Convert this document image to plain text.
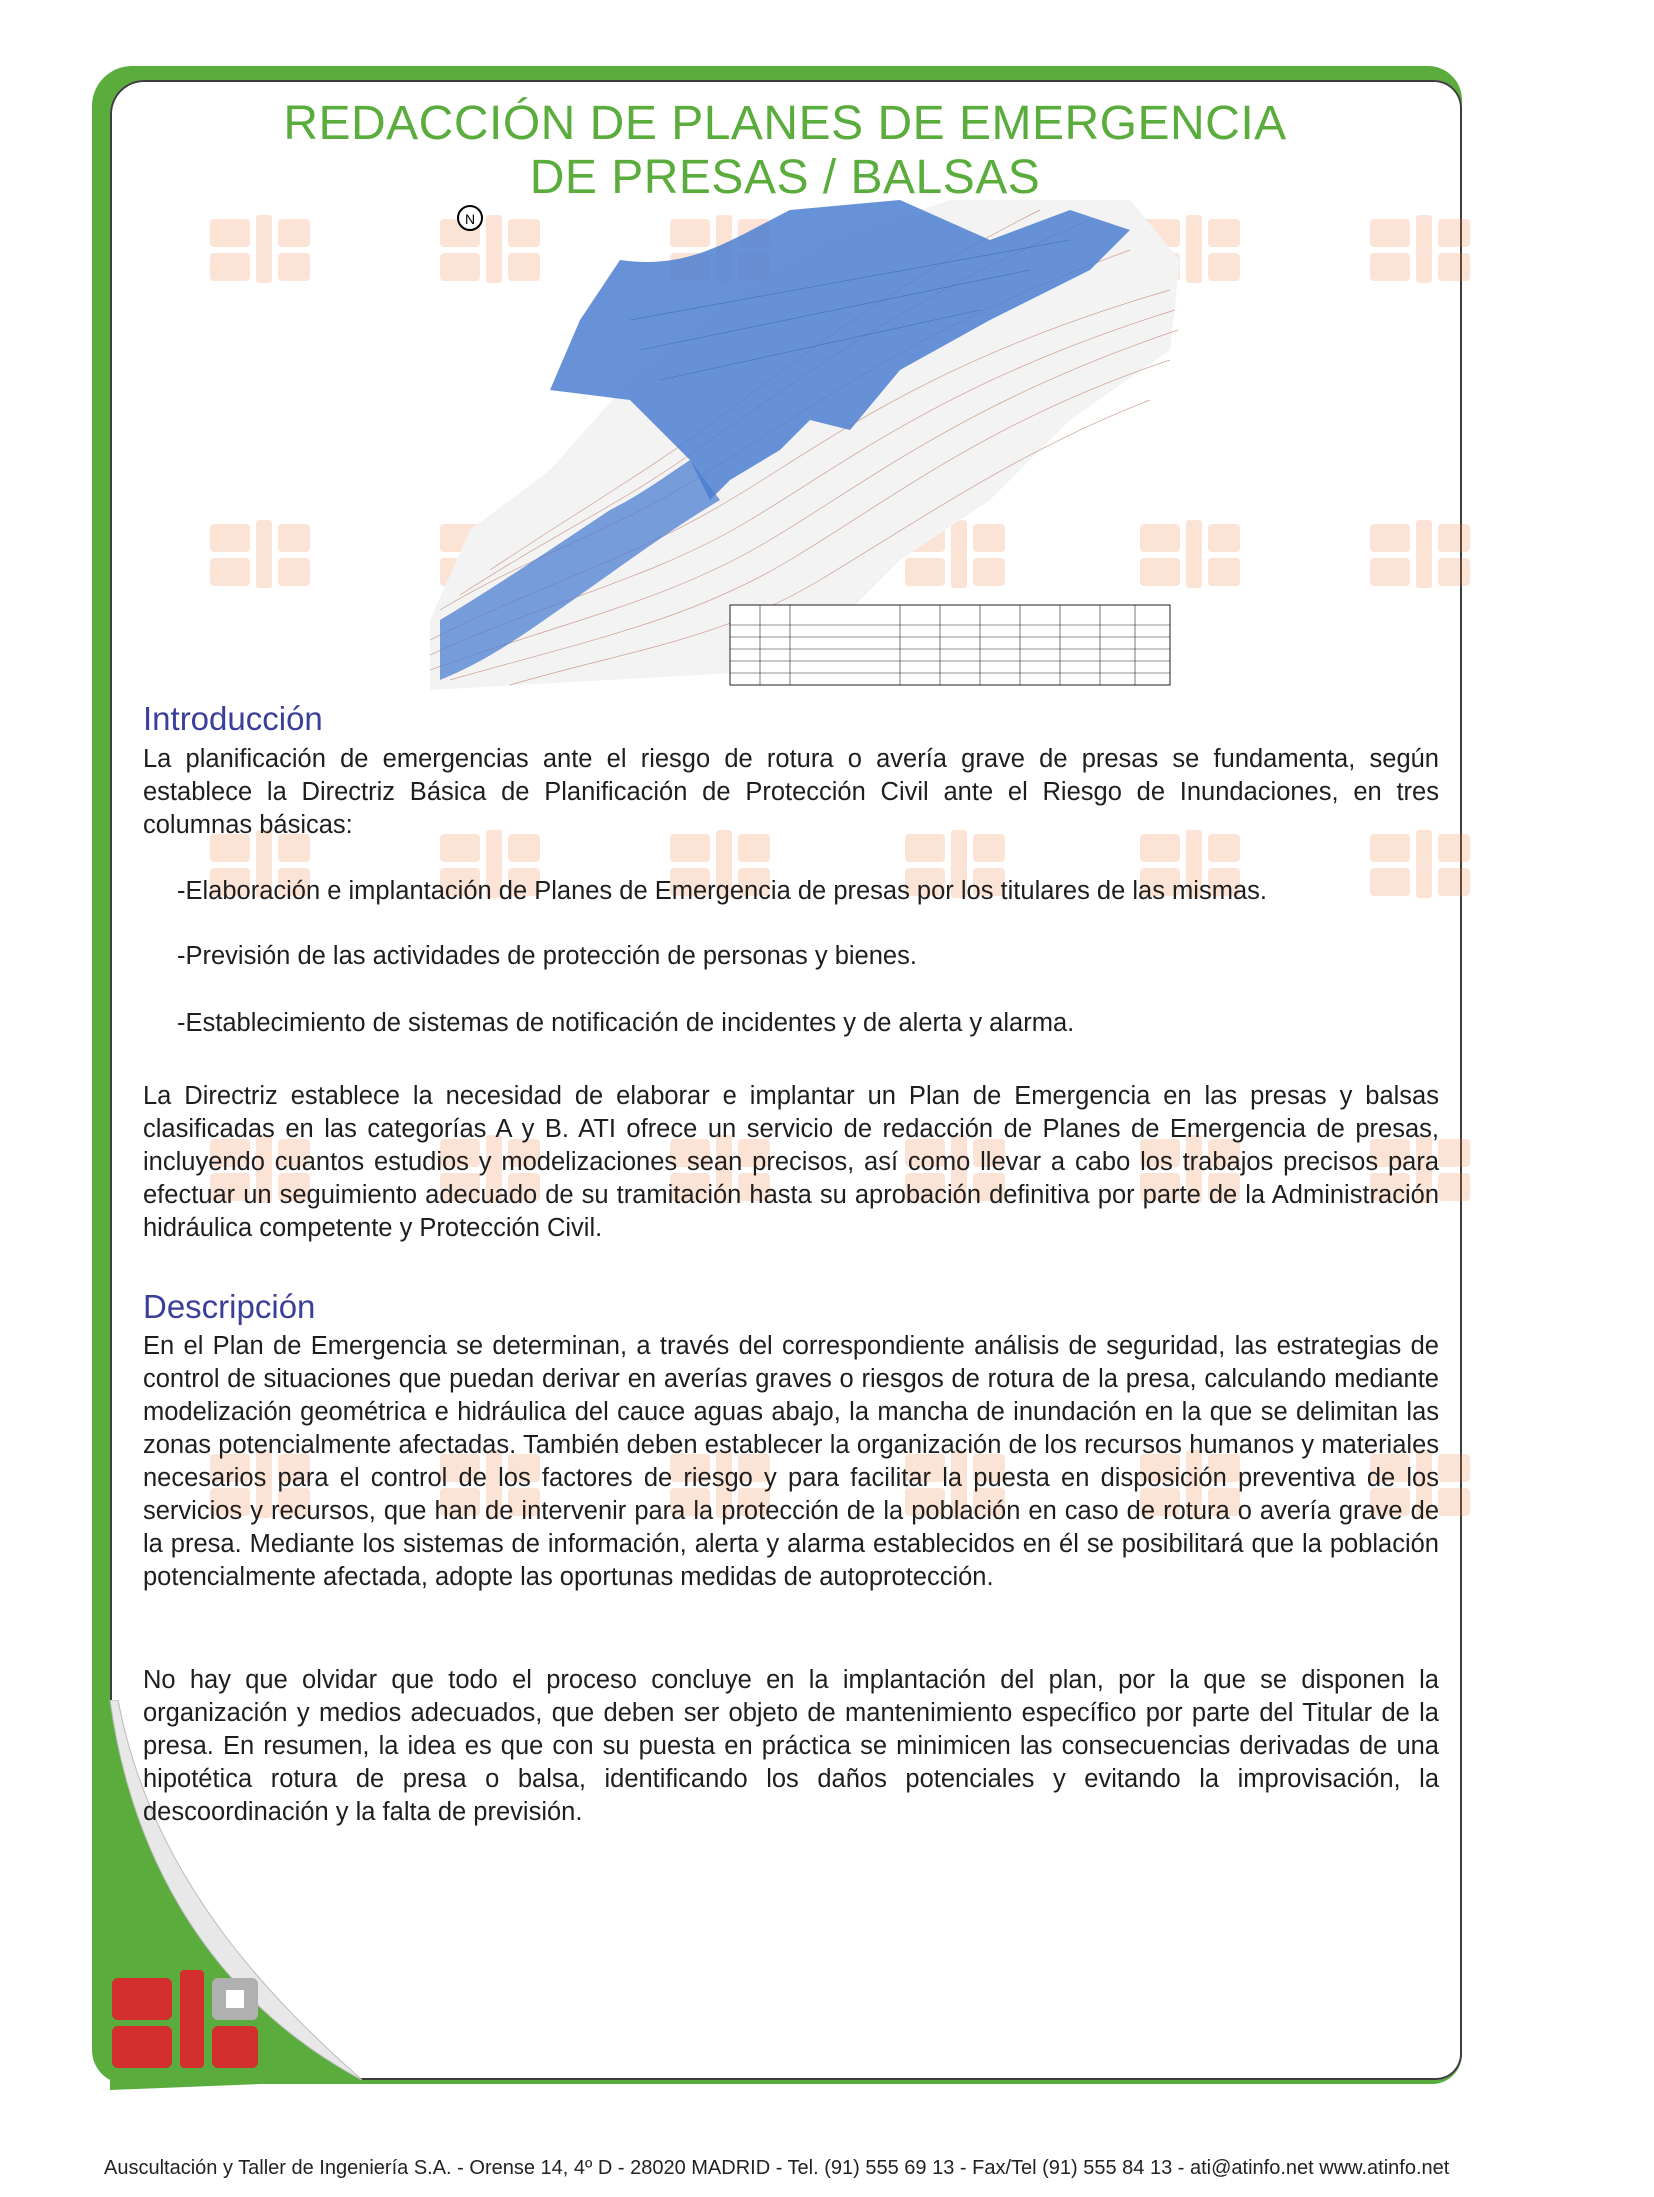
REDACCIÓN DE PLANES DE EMERGENCIA
DE PRESAS / BALSAS
N
Introducción

La planificación de emergencias ante el riesgo de rotura o avería grave de presas se fundamenta, según establece la Directriz Básica de Planificación de Protección Civil ante el Riesgo de Inundaciones, en tres columnas básicas:

-Elaboración e implantación de Planes de Emergencia de presas por los titulares de las mismas.

-Previsión de las actividades de protección de personas y bienes.

-Establecimiento de sistemas de notificación de incidentes y de alerta y alarma.

La Directriz establece la necesidad de elaborar e implantar un Plan de Emergencia en las presas y balsas clasificadas en las categorías A y B. ATI ofrece un servicio de redacción de Planes de Emergencia de presas, incluyendo cuantos estudios y modelizaciones sean precisos, así como llevar a cabo los trabajos precisos para efectuar un seguimiento adecuado de su tramitación hasta su aprobación definitiva por parte de la Administración hidráulica competente y Protección Civil.

Descripción

En el Plan de Emergencia se determinan, a través del correspondiente análisis de seguridad, las estrategias de control de situaciones que puedan derivar en averías graves o riesgos de rotura de la presa, calculando mediante modelización geométrica e hidráulica del cauce aguas abajo, la mancha de inundación en la que se delimitan las zonas potencialmente afectadas. También deben establecer la organización de los recursos humanos y materiales necesarios para el control de los factores de riesgo y para facilitar la puesta en disposición preventiva de los servicios y recursos, que han de intervenir para la protección de la población en caso de rotura o avería grave de la presa. Mediante los sistemas de información, alerta y alarma establecidos en él se posibilitará que la población potencialmente afectada, adopte las oportunas medidas de autoprotección.

No hay que olvidar que todo el proceso concluye en la implantación del plan, por la que se disponen la organización y medios adecuados, que deben ser objeto de mantenimiento específico por parte del Titular de la presa. En resumen, la idea es que con su puesta en práctica se minimicen las consecuencias derivadas de una hipotética rotura de presa o balsa, identificando los daños potenciales y evitando la improvisación, la descoordinación y la falta de previsión.

Auscultación y Taller de Ingeniería S.A. - Orense 14, 4º D - 28020 MADRID - Tel. (91) 555 69 13 - Fax/Tel (91) 555 84 13 - ati@atinfo.net www.atinfo.net
